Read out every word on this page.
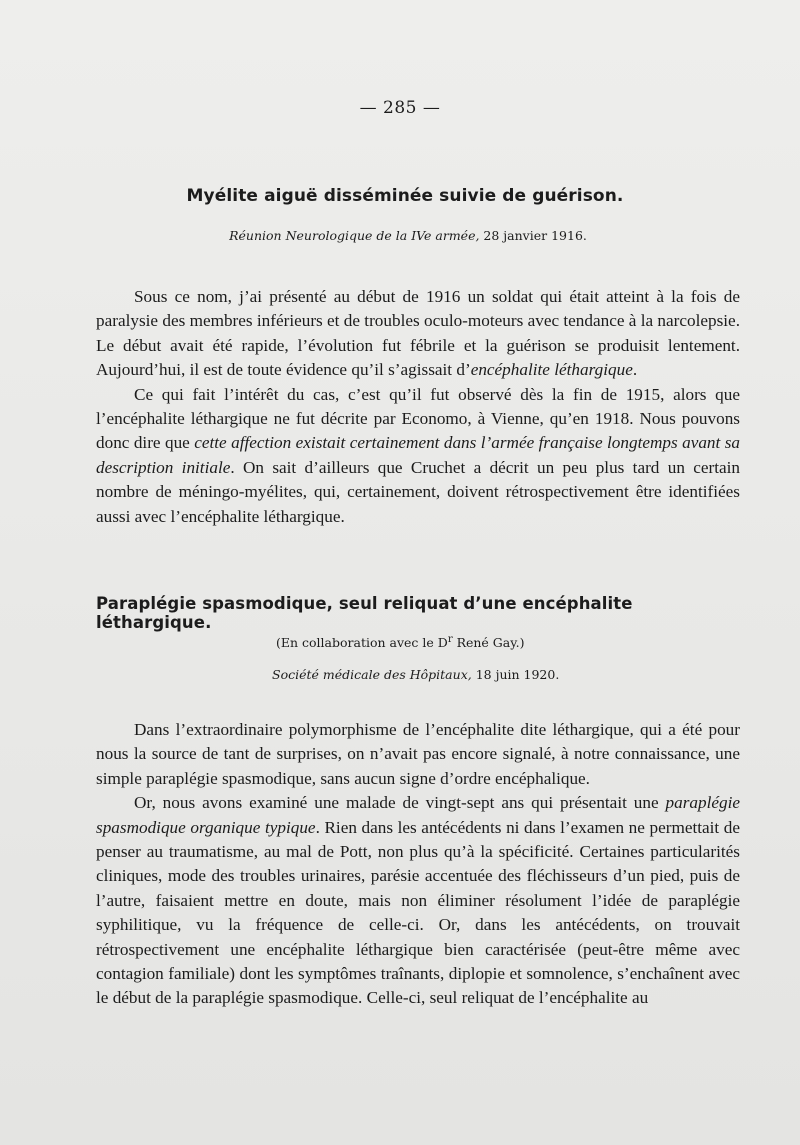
— 285 —
Myélite aiguë disséminée suivie de guérison.
Réunion Neurologique de la IVe armée, 28 janvier 1916.

Sous ce nom, j’ai présenté au début de 1916 un soldat qui était atteint à la fois de paralysie des membres inférieurs et de troubles oculo-moteurs avec tendance à la narcolepsie. Le début avait été rapide, l’évolution fut fébrile et la guérison se produisit lentement. Aujourd’hui, il est de toute évidence qu’il s’agissait d’encéphalite léthargique.

Ce qui fait l’intérêt du cas, c’est qu’il fut observé dès la fin de 1915, alors que l’encéphalite léthargique ne fut décrite par Economo, à Vienne, qu’en 1918. Nous pouvons donc dire que cette affection existait certainement dans l’armée française longtemps avant sa description initiale. On sait d’ailleurs que Cruchet a décrit un peu plus tard un certain nombre de méningo-myélites, qui, certainement, doivent rétrospectivement être identifiées aussi avec l’encéphalite léthargique.

Paraplégie spasmodique, seul reliquat d’une encéphalite léthargique.
(En collaboration avec le $D^r$ René Gay.)
Société médicale des Hôpitaux, 18 juin 1920.

Dans l’extraordinaire polymorphisme de l’encéphalite dite léthargique, qui a été pour nous la source de tant de surprises, on n’avait pas encore signalé, à notre connaissance, une simple paraplégie spasmodique, sans aucun signe d’ordre encéphalique.

Or, nous avons examiné une malade de vingt-sept ans qui présentait une paraplégie spasmodique organique typique. Rien dans les antécédents ni dans l’examen ne permettait de penser au traumatisme, au mal de Pott, non plus qu’à la spécificité. Certaines particularités cliniques, mode des troubles urinaires, parésie accentuée des fléchisseurs d’un pied, puis de l’autre, faisaient mettre en doute, mais non éliminer résolument l’idée de paraplégie syphilitique, vu la fréquence de celle-ci. Or, dans les antécédents, on trouvait rétrospectivement une encéphalite léthargique bien caractérisée (peut-être même avec contagion familiale) dont les symptômes traînants, diplopie et somnolence, s’enchaînent avec le début de la paraplégie spasmodique. Celle-ci, seul reliquat de l’encéphalite au
